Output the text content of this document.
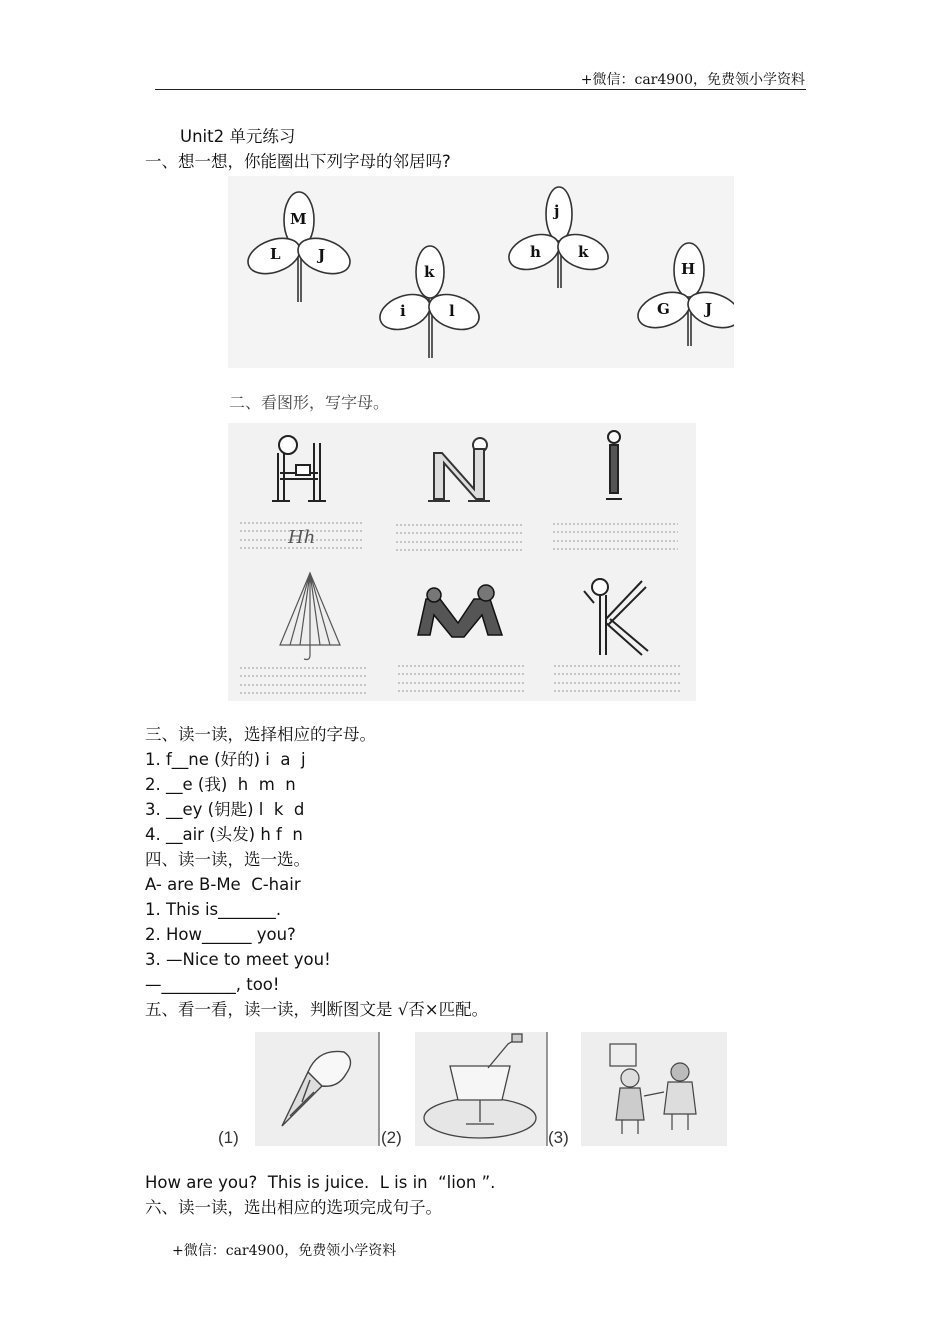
+微信：car4900，免费领小学资料
Unit2 单元练习
一、想一想，你能圈出下列字母的邻居吗?
M
L J
k
i	l
j
h k
H
G J
二、看图形，写字母。
Hh
三、读一读，选择相应的字母。
1. f__ne (好的) i  a  j
2. __e (我)  h  m  n
3. __ey (钥匙) l  k  d
4. __air (头发) h f  n
四、读一读，选一选。
A- are B-Me  C-hair
1. This is_______.
2. How______ you?
3. —Nice to meet you!
—_________, too!
五、看一看，读一读，判断图文是 √否×匹配。
(1)	(2)	(3)
How are you?  This is juice.  L is in  “lion ”.
六、读一读，选出相应的选项完成句子。
+微信：car4900，免费领小学资料
